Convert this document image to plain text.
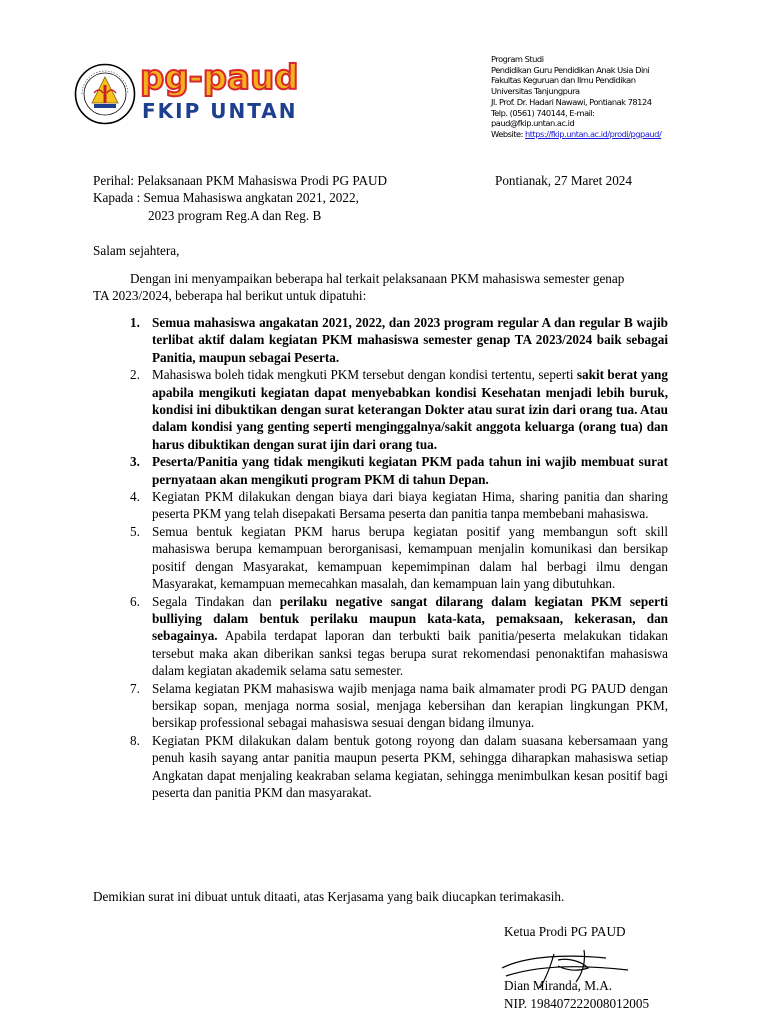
pg-paud
FKIP UNTAN
Program Studi
Pendidikan Guru Pendidikan Anak Usia Dini
Fakultas Keguruan dan Ilmu Pendidikan
Universitas Tanjungpura
Jl. Prof. Dr. Hadari Nawawi, Pontianak 78124
Telp. (0561) 740144, E-mail:
paud@fkip.untan.ac.id
Website: https://fkip.untan.ac.id/prodi/pgpaud/
Perihal: Pelaksanaan PKM Mahasiswa Prodi PG PAUD	Pontianak, 27 Maret 2024
Kapada : Semua Mahasiswa angkatan 2021, 2022,
2023 program Reg.A dan Reg. B
Salam sejahtera,
Dengan ini menyampaikan beberapa hal terkait pelaksanaan PKM mahasiswa semester genap
TA 2023/2024, beberapa hal berikut untuk dipatuhi:
1. Semua mahasiswa angakatan 2021, 2022, dan 2023 program regular A dan regular B wajib terlibat aktif dalam kegiatan PKM mahasiswa semester genap TA 2023/2024 baik sebagai Panitia, maupun sebagai Peserta.
2. Mahasiswa boleh tidak mengkuti PKM tersebut dengan kondisi tertentu, seperti sakit berat yang apabila mengikuti kegiatan dapat menyebabkan kondisi Kesehatan menjadi lebih buruk, kondisi ini dibuktikan dengan surat keterangan Dokter atau surat izin dari orang tua. Atau dalam kondisi yang genting seperti menginggalnya/sakit anggota keluarga (orang tua) dan harus dibuktikan dengan surat ijin dari orang tua.
3. Peserta/Panitia yang tidak mengikuti kegiatan PKM pada tahun ini wajib membuat surat pernyataan akan mengikuti program PKM di tahun Depan.
4. Kegiatan PKM dilakukan dengan biaya dari biaya kegiatan Hima, sharing panitia dan sharing peserta PKM yang telah disepakati Bersama peserta dan panitia tanpa membebani mahasiswa.
5. Semua bentuk kegiatan PKM harus berupa kegiatan positif yang membangun soft skill mahasiswa berupa kemampuan berorganisasi, kemampuan menjalin komunikasi dan bersikap positif dengan Masyarakat, kemampuan kepemimpinan dalam hal berbagi ilmu dengan Masyarakat, kemampuan memecahkan masalah, dan kemampuan lain yang dibutuhkan.
6. Segala Tindakan dan perilaku negative sangat dilarang dalam kegiatan PKM seperti bulliying dalam bentuk perilaku maupun kata-kata, pemaksaan, kekerasan, dan sebagainya. Apabila terdapat laporan dan terbukti baik panitia/peserta melakukan tidakan tersebut maka akan diberikan sanksi tegas berupa surat rekomendasi penonaktifan mahasiswa dalam kegiatan akademik selama satu semester.
7. Selama kegiatan PKM mahasiswa wajib menjaga nama baik almamater prodi PG PAUD dengan bersikap sopan, menjaga norma sosial, menjaga kebersihan dan kerapian lingkungan PKM, bersikap professional sebagai mahasiswa sesuai dengan bidang ilmunya.
8. Kegiatan PKM dilakukan dalam bentuk gotong royong dan dalam suasana kebersamaan yang penuh kasih sayang antar panitia maupun peserta PKM, sehingga diharapkan mahasiswa setiap Angkatan dapat menjaling keakraban selama kegiatan, sehingga menimbulkan kesan positif bagi peserta dan panitia PKM dan masyarakat.
Demikian surat ini dibuat untuk ditaati, atas Kerjasama yang baik diucapkan terimakasih.
Ketua Prodi PG PAUD
Dian Miranda, M.A.
NIP. 198407222008012005
